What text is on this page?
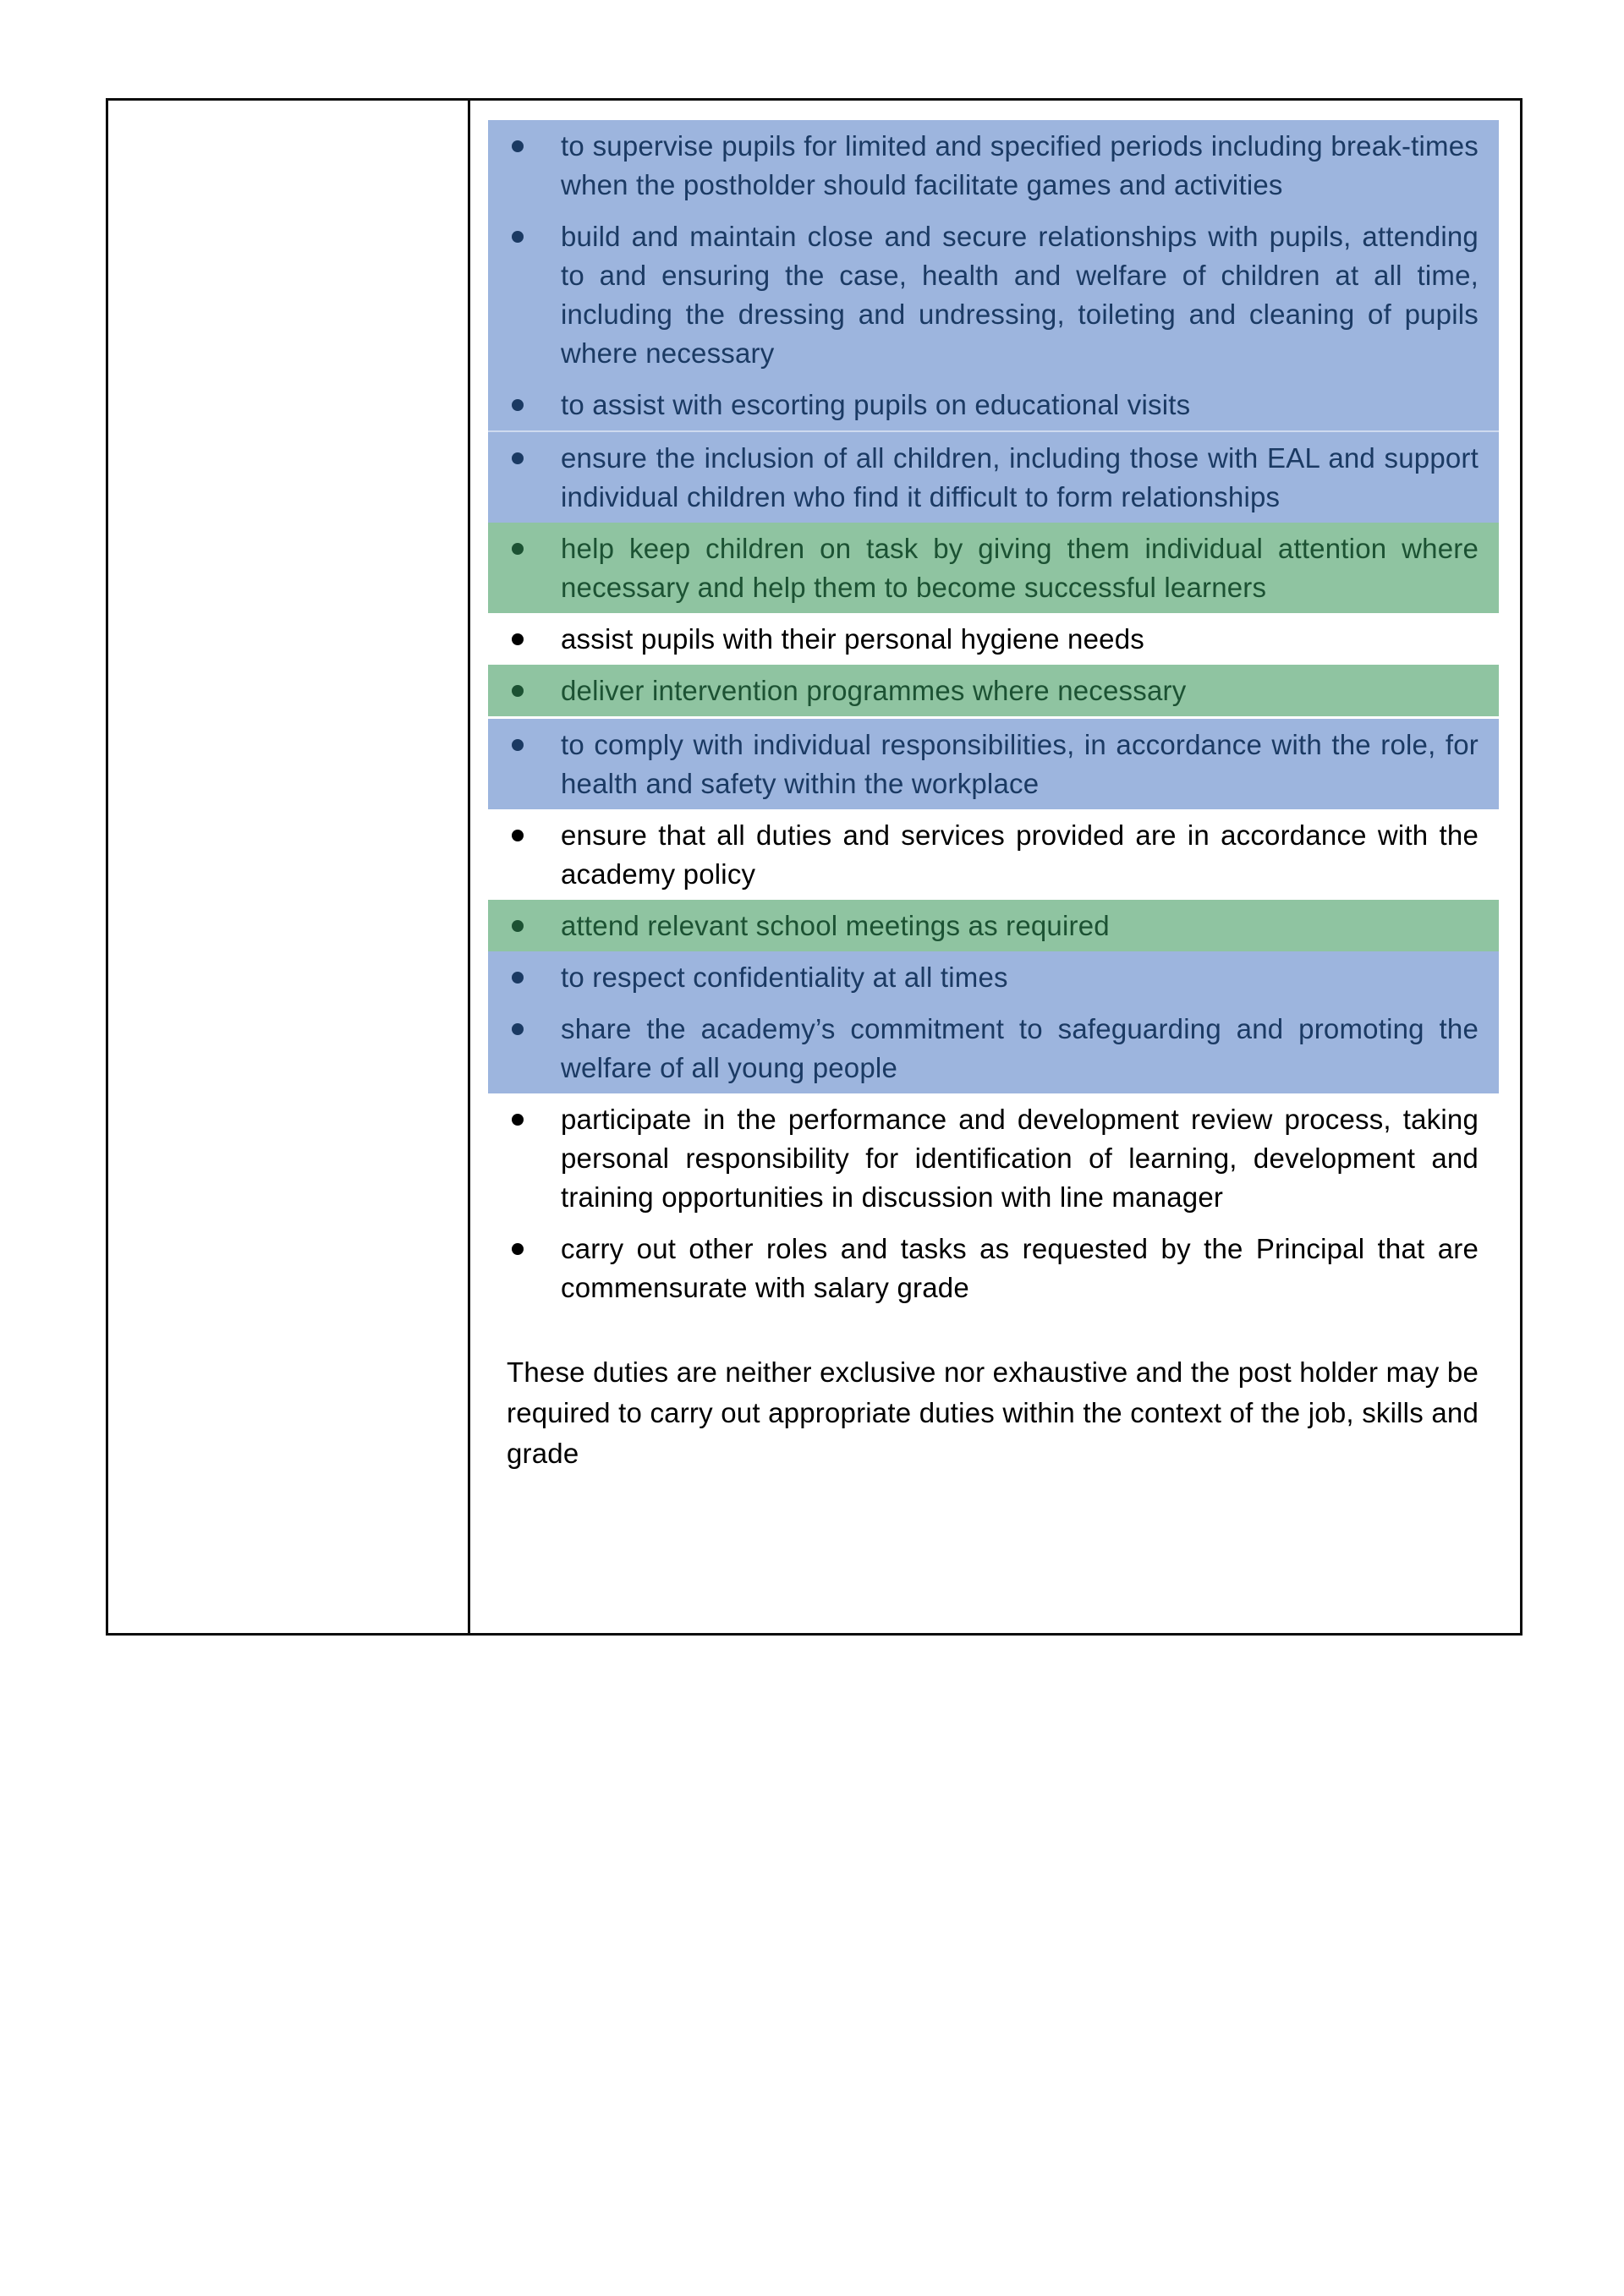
to supervise pupils for limited and specified periods including break-times when the postholder should facilitate games and activities
build and maintain close and secure relationships with pupils, attending to and ensuring the case, health and welfare of children at all time, including the dressing and undressing, toileting and cleaning of pupils where necessary
to assist with escorting pupils on educational visits
ensure the inclusion of all children, including those with EAL and support individual children who find it difficult to form relationships
help keep children on task by giving them individual attention where necessary and help them to become successful learners
assist pupils with their personal hygiene needs
deliver intervention programmes where necessary
to comply with individual responsibilities, in accordance with the role, for health and safety within the workplace
ensure that all duties and services provided are in accordance with the academy policy
attend relevant school meetings as required
to respect confidentiality at all times
share the academy’s commitment to safeguarding and promoting the welfare of all young people
participate in the performance and development review process, taking personal responsibility for identification of learning, development and training opportunities in discussion with line manager
carry out other roles and tasks as requested by the Principal that are commensurate with salary grade
These duties are neither exclusive nor exhaustive and the post holder may be required to carry out appropriate duties within the context of the job, skills and grade
